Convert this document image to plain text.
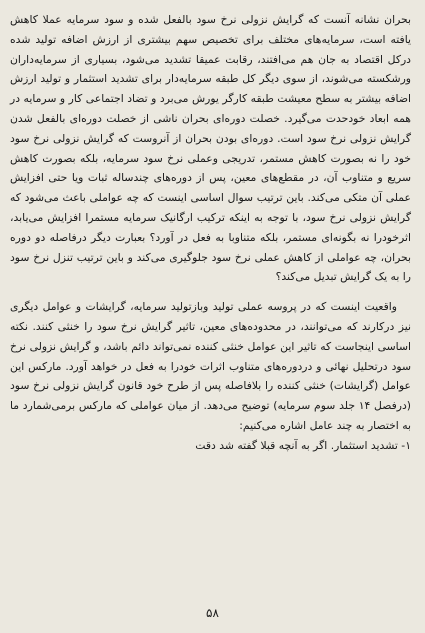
بحران نشانه آنست که گرایش نزولی نرخ سود بالفعل شده و سود سرمایه عملا کاهش یافته است، سرمایه‌های مختلف برای تخصیص سهم بیشتری از ارزش اضافه تولید شده درکل اقتصاد به جان هم می‌افتند، رقابت عمیقا تشدید می‌شود، بسیاری از سرمایه‌داران ورشکسته می‌شوند، از سوی دیگر کل طبقه سرمایه‌دار برای تشدید استثمار و تولید ارزش اضافه بیشتر به سطح معیشت طبقه کارگر یورش می‌برد و تضاد اجتماعی کار و سرمایه در همه ابعاد خودحدت می‌گیرد. خصلت دوره‌ای بحران ناشی از خصلت دوره‌ای بالفعل شدن گرایش نزولی نرخ سود است. دوره‌ای بودن بحران از آنروست که گرایش نزولی نرخ سود خود را نه بصورت کاهش مستمر، تدریجی وعملی نرخ سود سرمایه، بلکه بصورت کاهش سریع و متناوب آن، در مقطع‌های معین، پس از دوره‌های چندساله ثبات ویا حتی افزایش عملی آن متکی می‌کند. باین ترتیب سوال اساسی اینست که چه عواملی باعث می‌شود که گرایش نزولی نرخ سود، با توجه به اینکه ترکیب ارگانیک سرمایه مستمرا افزایش می‌یابد، اثرخودرا نه بگونه‌ای مستمر، بلکه متناوبا به فعل در آورد؟ بعبارت دیگر درفاصله دو دوره بحران، چه عواملی از کاهش عملی نرخ سود جلوگیری می‌کند و باین ترتیب تنزل نرخ سود را به یک گرایش تبدیل می‌کند؟

واقعیت اینست که در پروسه عملی تولید وبازتولید سرمایه، گرایشات و عوامل دیگری نیز دركارند که می‌توانند، در محدوده‌های معین، تاثیر گرایش نرخ سود را خنثی کنند. نکته اساسی اینجاست که تاثیر این عوامل خنثی کننده نمی‌تواند دائم باشد، و گرایش نزولی نرخ سود درتحلیل نهائی و دردوره‌های متناوب اثرات خودرا به فعل در خواهد آورد. مارکس این عوامل (گرایشات) خنثی کننده را بلافاصله پس از طرح خود قانون گرایش نزولی نرخ سود (درفصل ۱۴ جلد سوم سرمایه) توضیح می‌دهد. از میان عواملی که مارکس برمی‌شمارد ما به اختصار به چند عامل اشاره می‌کنیم:

۱- تشدید استثمار. اگر به آنچه قبلا گفته شد دقت

۵۸
